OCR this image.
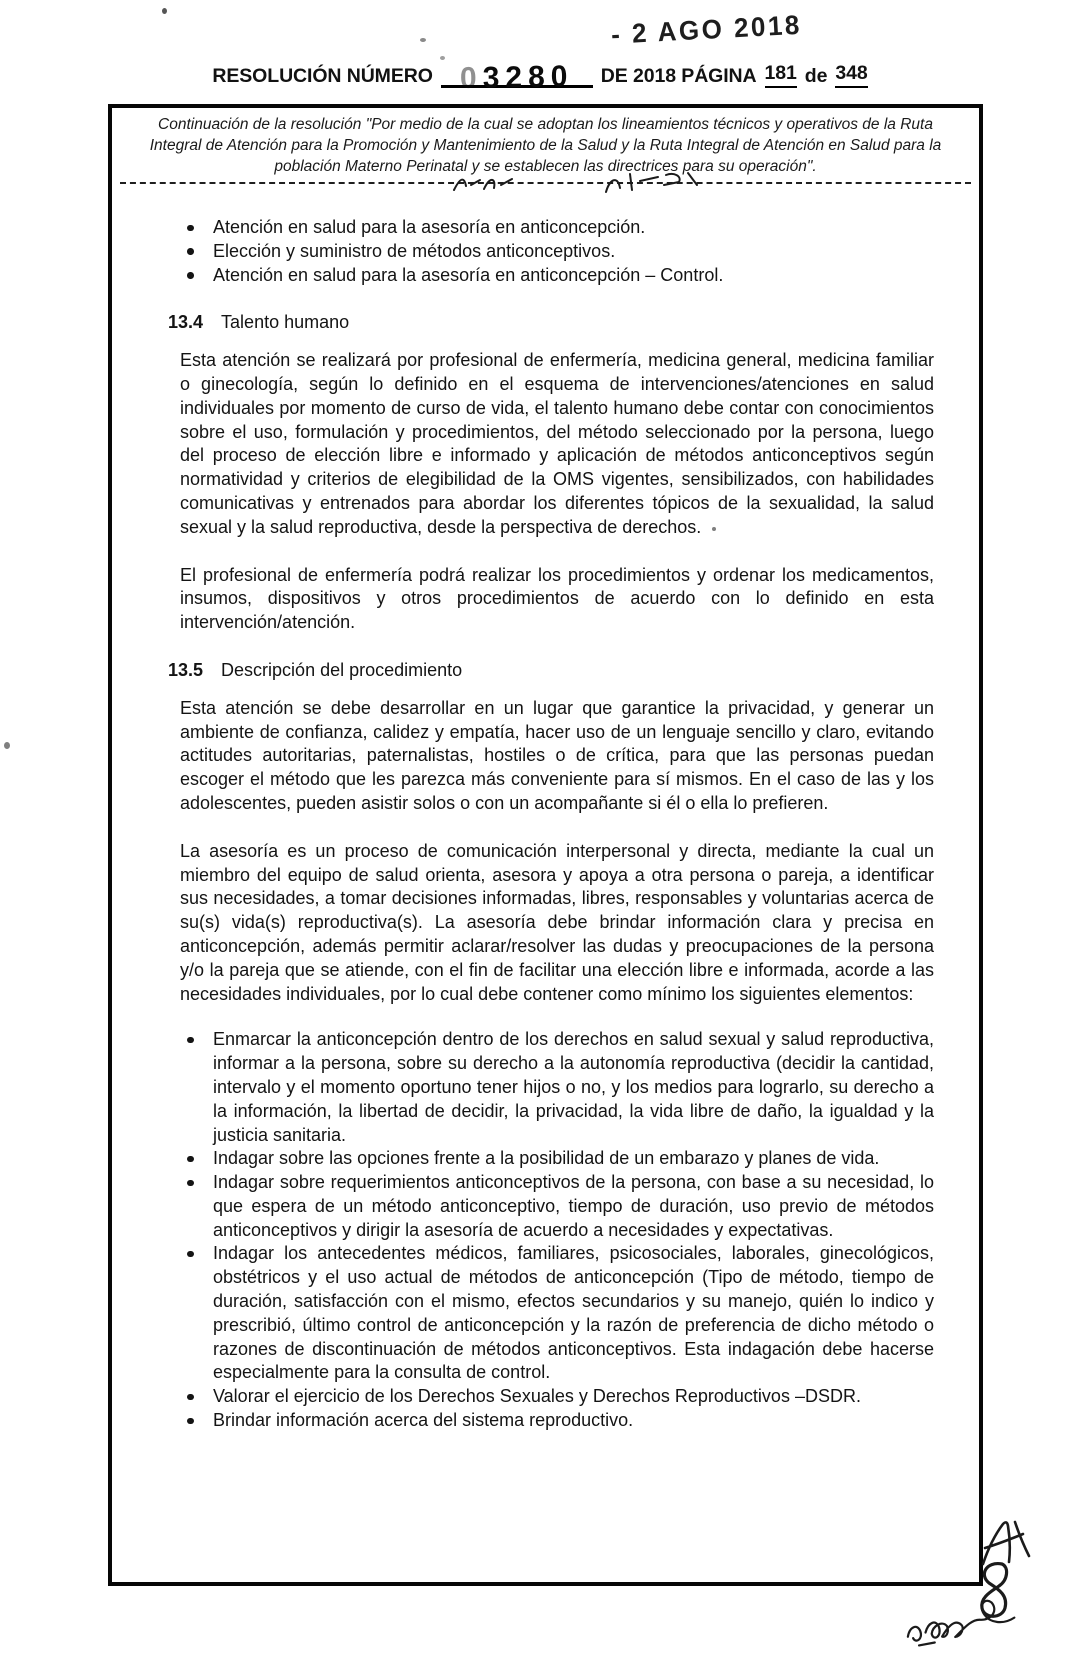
- 2 AGO 2018
RESOLUCIÓN NÚMERO 03280	DE 2018 PÁGINA 181 de 348

Continuación de la resolución "Por medio de la cual se adoptan los lineamientos técnicos y operativos de la Ruta Integral de Atención para la Promoción y Mantenimiento de la Salud y la Ruta Integral de Atención en Salud para la población Materno Perinatal y se establecen las directrices para su operación".

Atención en salud para la asesoría en anticoncepción.
Elección y suministro de métodos anticonceptivos.
Atención en salud para la asesoría en anticoncepción – Control.
13.4 Talento humano

Esta atención se realizará por profesional de enfermería, medicina general, medicina familiar o ginecología, según lo definido en el esquema de intervenciones/atenciones en salud individuales por momento de curso de vida, el talento humano debe contar con conocimientos sobre el uso, formulación y procedimientos, del método seleccionado por la persona, luego del proceso de elección libre e informado y aplicación de métodos anticonceptivos según normatividad y criterios de elegibilidad de la OMS vigentes, sensibilizados, con habilidades comunicativas y entrenados para abordar los diferentes tópicos de la sexualidad, la salud sexual y la salud reproductiva, desde la perspectiva de derechos.

El profesional de enfermería podrá realizar los procedimientos y ordenar los medicamentos, insumos, dispositivos y otros procedimientos de acuerdo con lo definido en esta intervención/atención.

13.5 Descripción del procedimiento

Esta atención se debe desarrollar en un lugar que garantice la privacidad, y generar un ambiente de confianza, calidez y empatía, hacer uso de un lenguaje sencillo y claro, evitando actitudes autoritarias, paternalistas, hostiles o de crítica, para que las personas puedan escoger el método que les parezca más conveniente para sí mismos. En el caso de las y los adolescentes, pueden asistir solos o con un acompañante si él o ella lo prefieren.

La asesoría es un proceso de comunicación interpersonal y directa, mediante la cual un miembro del equipo de salud orienta, asesora y apoya a otra persona o pareja, a identificar sus necesidades, a tomar decisiones informadas, libres, responsables y voluntarias acerca de su(s) vida(s) reproductiva(s). La asesoría debe brindar información clara y precisa en anticoncepción, además permitir aclarar/resolver las dudas y preocupaciones de la persona y/o la pareja que se atiende, con el fin de facilitar una elección libre e informada, acorde a las necesidades individuales, por lo cual debe contener como mínimo los siguientes elementos:

Enmarcar la anticoncepción dentro de los derechos en salud sexual y salud reproductiva, informar a la persona, sobre su derecho a la autonomía reproductiva (decidir la cantidad, intervalo y el momento oportuno tener hijos o no, y los medios para lograrlo, su derecho a la información, la libertad de decidir, la privacidad, la vida libre de daño, la igualdad y la justicia sanitaria.
Indagar sobre las opciones frente a la posibilidad de un embarazo y planes de vida.
Indagar sobre requerimientos anticonceptivos de la persona, con base a su necesidad, lo que espera de un método anticonceptivo, tiempo de duración, uso previo de métodos anticonceptivos y dirigir la asesoría de acuerdo a necesidades y expectativas.
Indagar los antecedentes médicos, familiares, psicosociales, laborales, ginecológicos, obstétricos y el uso actual de métodos de anticoncepción (Tipo de método, tiempo de duración, satisfacción con el mismo, efectos secundarios y su manejo, quién lo indico y prescribió, último control de anticoncepción y la razón de preferencia de dicho método o razones de discontinuación de métodos anticonceptivos. Esta indagación debe hacerse especialmente para la consulta de control.
Valorar el ejercicio de los Derechos Sexuales y Derechos Reproductivos –DSDR.
Brindar información acerca del sistema reproductivo.
